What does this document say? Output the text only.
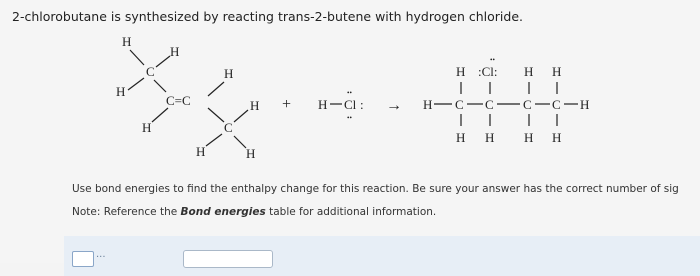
2-chlorobutane is synthesized by reacting trans-2-butene with hydrogen chloride.
H
H
C
H
C=C
H
H
C
H
H	H
+ H Cl
••
••
: →
H :Cl:
••
H H
H C C C C H
H H H H
Use bond energies to find the enthalpy change for this reaction. Be sure your answer has the correct number of sig
Note: Reference the Bond energies table for additional information.
...
